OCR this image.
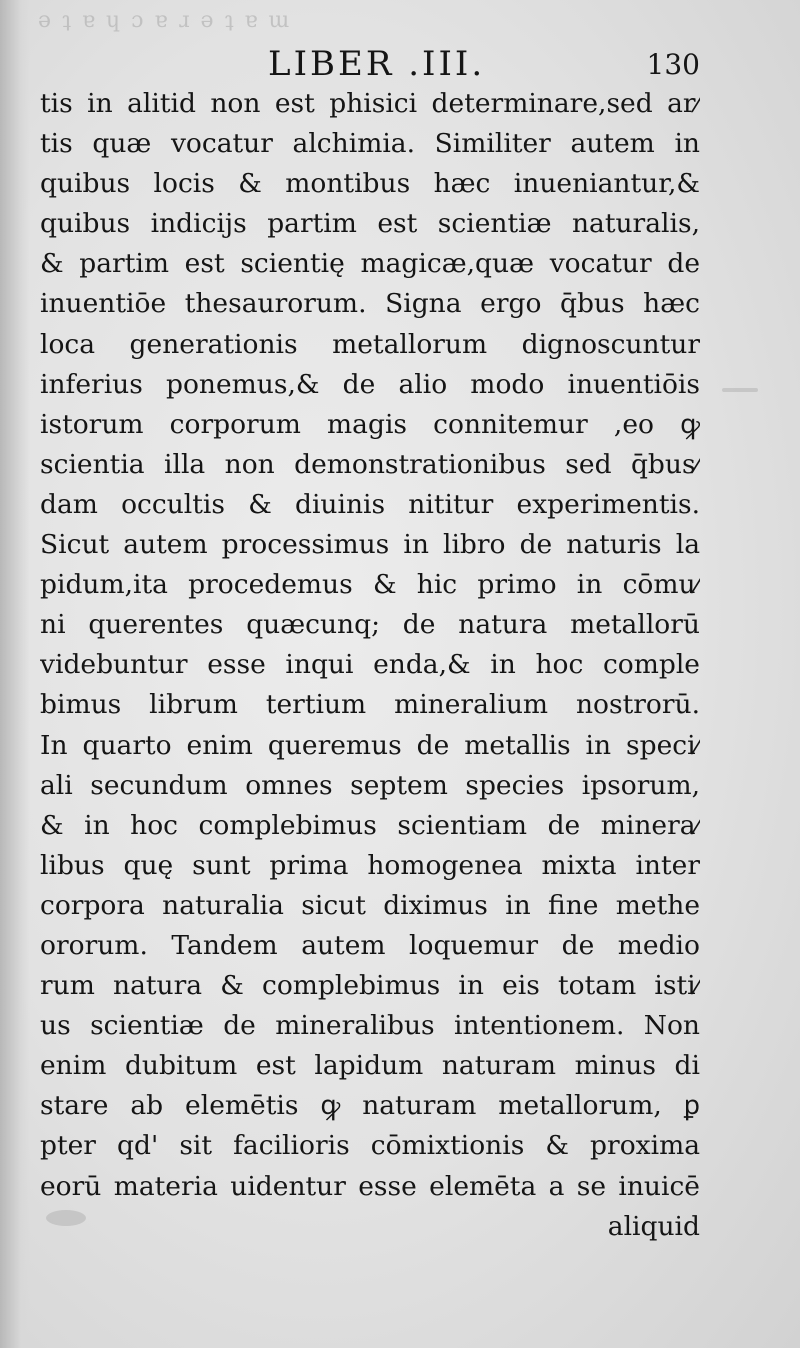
ǝ ʇ ɐ ɥ ɔ ɐ ɹ ǝ ʇ ɐ ɯ
LIBER .III.	130
tis in alitid non est phisici determinare,sed ar⁄
tis quæ vocatur alchimia. Similiter autem in
quibus locis & montibus hæc inueniantur,&
quibus indicijs partim est scientiæ naturalis,
& partim est scientię magicæ,quæ vocatur de
inuentiōe thesaurorum. Signa ergo q̄bus hæc
loca generationis metallorum dignoscuntur
inferius ponemus,& de alio modo inuentiōis
istorum corporum magis connitemur ,eo ꝙ
scientia illa non demonstrationibus sed q̄bus⁄
dam occultis & diuinis nititur experimentis.
Sicut autem processimus in libro de naturis la
pidum,ita procedemus & hic primo in cōmu⁄
ni querentes quæcunq; de natura metallorū
videbuntur esse inqui enda,& in hoc comple
bimus librum tertium mineralium nostrorū.
In quarto enim queremus de metallis in speci⁄
ali secundum omnes septem species ipsorum,
& in hoc complebimus scientiam de minera⁄
libus quę sunt prima homogenea mixta inter
corpora naturalia sicut diximus in fine methe
ororum. Tandem autem loquemur de medio
rum natura & complebimus in eis totam isti⁄
us scientiæ de mineralibus intentionem. Non
enim dubitum est lapidum naturam minus di
stare ab elemētis ꝙ naturam metallorum, ꝑ
pter qd' sit facilioris cōmixtionis & proxima
eorū materia uidentur esse elemēta a se inuicē
aliquid
